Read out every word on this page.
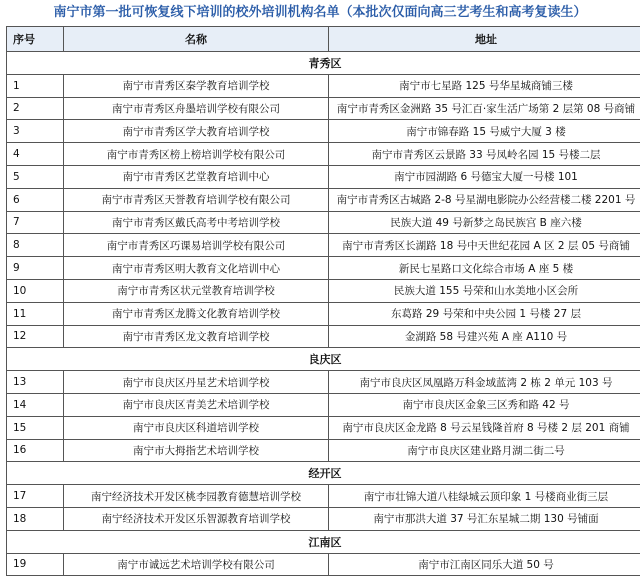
南宁市第一批可恢复线下培训的校外培训机构名单（本批次仅面向高三艺考生和高考复读生）
序号	名称	地址
青秀区		
1	南宁市青秀区秦学教育培训学校	南宁市七星路 125 号华星城商铺三楼
2	南宁市青秀区舟墨培训学校有限公司	南宁市青秀区金洲路 35 号汇百·家生活广场第 2 层第 08 号商铺
3	南宁市青秀区学大教育培训学校	南宁市锦春路 15 号威宁大厦 3 楼
4	南宁市青秀区榜上榜培训学校有限公司	南宁市青秀区云景路 33 号凤岭名园 15 号楼二层
5	南宁市青秀区艺堂教育培训中心	南宁市园湖路 6 号德宝大厦一号楼 101
6	南宁市青秀区天誉教育培训学校有限公司	南宁市青秀区古城路 2-8 号星湖电影院办公经营楼二楼 2201 号
7	南宁市青秀区戴氏高考中考培训学校	民族大道 49 号新梦之岛民族宫 B 座六楼
8	南宁市青秀区巧课易培训学校有限公司	南宁市青秀区长湖路 18 号中天世纪花园 A 区 2 层 05 号商铺
9	南宁市青秀区明大教育文化培训中心	新民七星路口文化综合市场 A 座 5 楼
10	南宁市青秀区状元堂教育培训学校	民族大道 155 号荣和山水美地小区会所
11	南宁市青秀区龙腾文化教育培训学校	东葛路 29 号荣和中央公园 1 号楼 27 层
12	南宁市青秀区龙文教育培训学校	金湖路 58 号建兴苑 A 座 A110 号
良庆区		
13	南宁市良庆区丹星艺术培训学校	南宁市良庆区凤凰路万科金域蓝湾 2 栋 2 单元 103 号
14	南宁市良庆区青美艺术培训学校	南宁市良庆区金象三区秀和路 42 号
15	南宁市良庆区科道培训学校	南宁市良庆区金龙路 8 号云星钱隆首府 8 号楼 2 层 201 商铺
16	南宁市大拇指艺术培训学校	南宁市良庆区建业路月湖二街二号
经开区		
17	南宁经济技术开发区桃李园教育德慧培训学校	南宁市壮锦大道八桂绿城云顶印象 1 号楼商业街三层
18	南宁经济技术开发区乐智源教育培训学校	南宁市那洪大道 37 号汇东星城二期 130 号铺面
江南区		
19	南宁市诚远艺术培训学校有限公司	南宁市江南区同乐大道 50 号
